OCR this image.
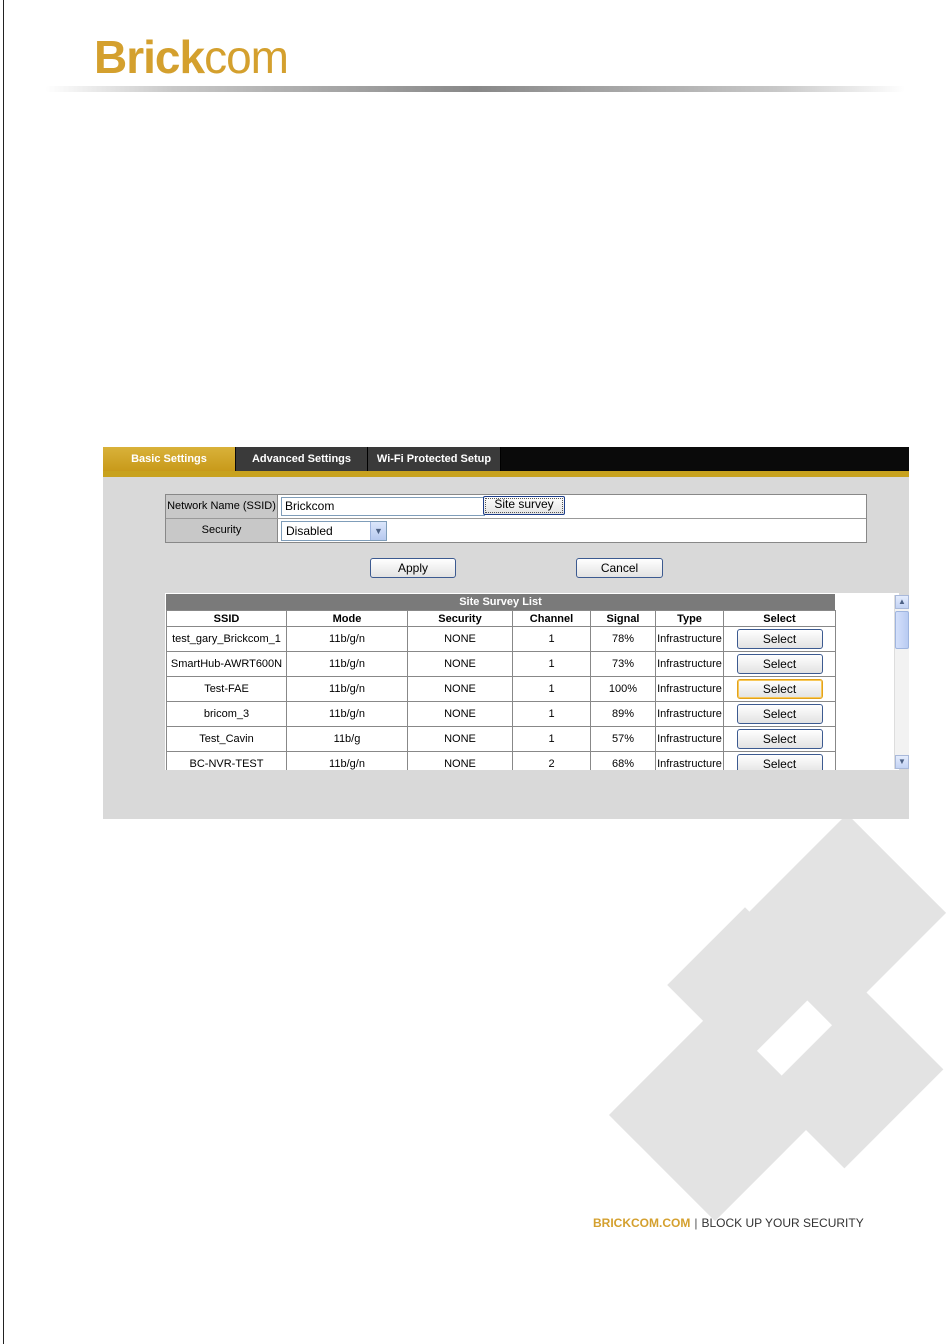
Brickcom
Basic Settings	Advanced Settings	Wi-Fi Protected Setup
Network Name (SSID) Brickcom	Site survey
Security	Disabled	▼
Apply	Cancel
Site Survey List
SSID	Mode	Security	Channel	Signal	Type	Select
test_gary_Brickcom_1	11b/g/n	NONE	1	78%	Infrastructure	Select
SmartHub-AWRT600N	11b/g/n	NONE	1	73%	Infrastructure	Select
Test-FAE	11b/g/n	NONE	1	100%	Infrastructure	Select
bricom_3	11b/g/n	NONE	1	89%	Infrastructure	Select
Test_Cavin	11b/g	NONE	1	57%	Infrastructure	Select
BC-NVR-TEST	11b/g/n	NONE	2	68%	Infrastructure	Select
▲
▼
BRICKCOM.COM | BLOCK UP YOUR SECURITY
